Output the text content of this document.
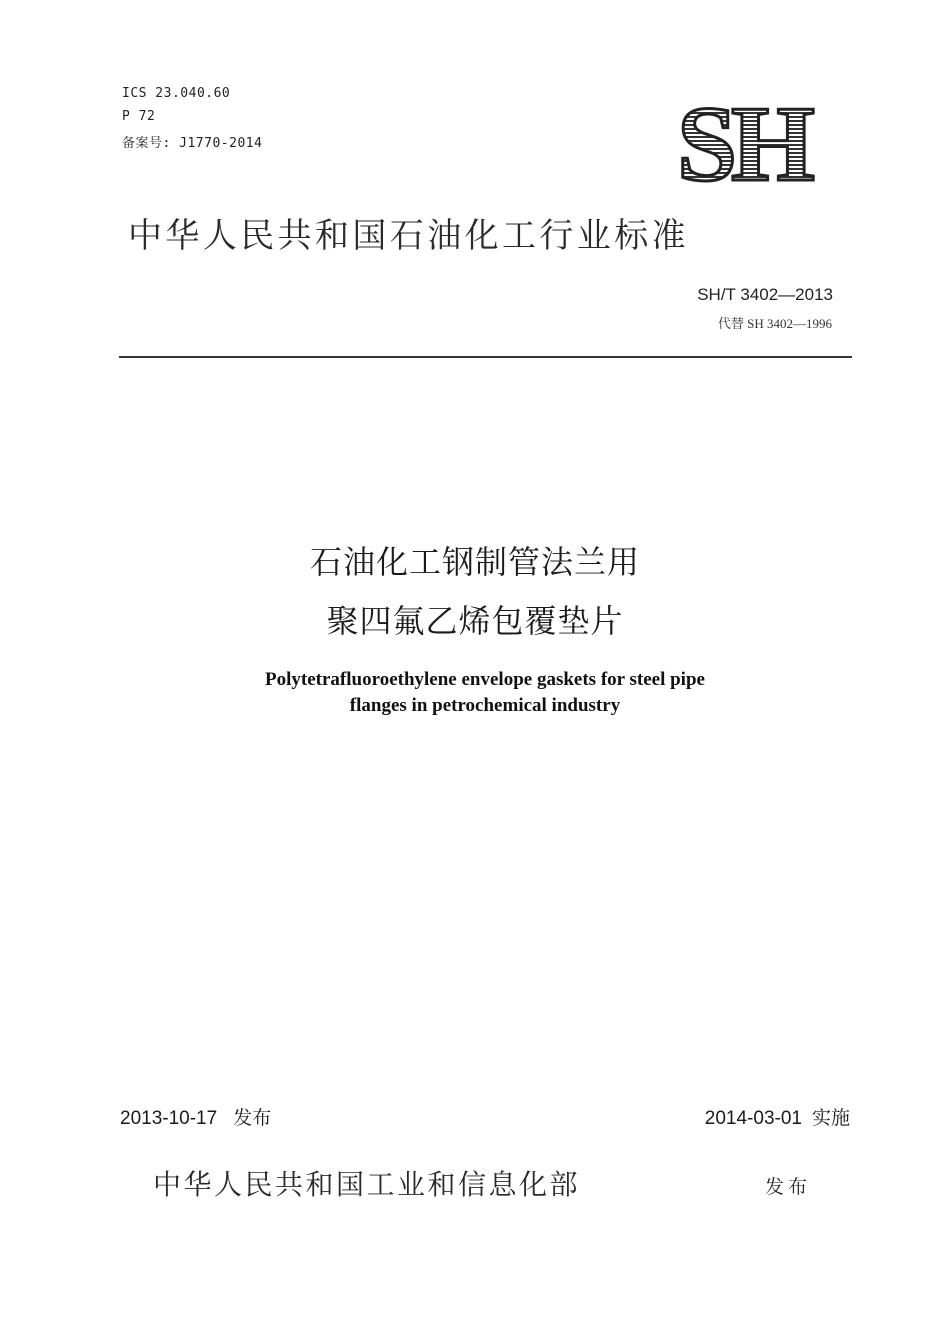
ICS 23.040.60
P 72
备案号: J1770-2014	SH
中华人民共和国石油化工行业标准
SH/T 3402—2013
代替 SH 3402—1996
石油化工钢制管法兰用
聚四氟乙烯包覆垫片
Polytetrafluoroethylene envelope gaskets for steel pipe
flanges in petrochemical industry
2013-10-17 发布	2014-03-01 实施
中华人民共和国工业和信息化部	发布
